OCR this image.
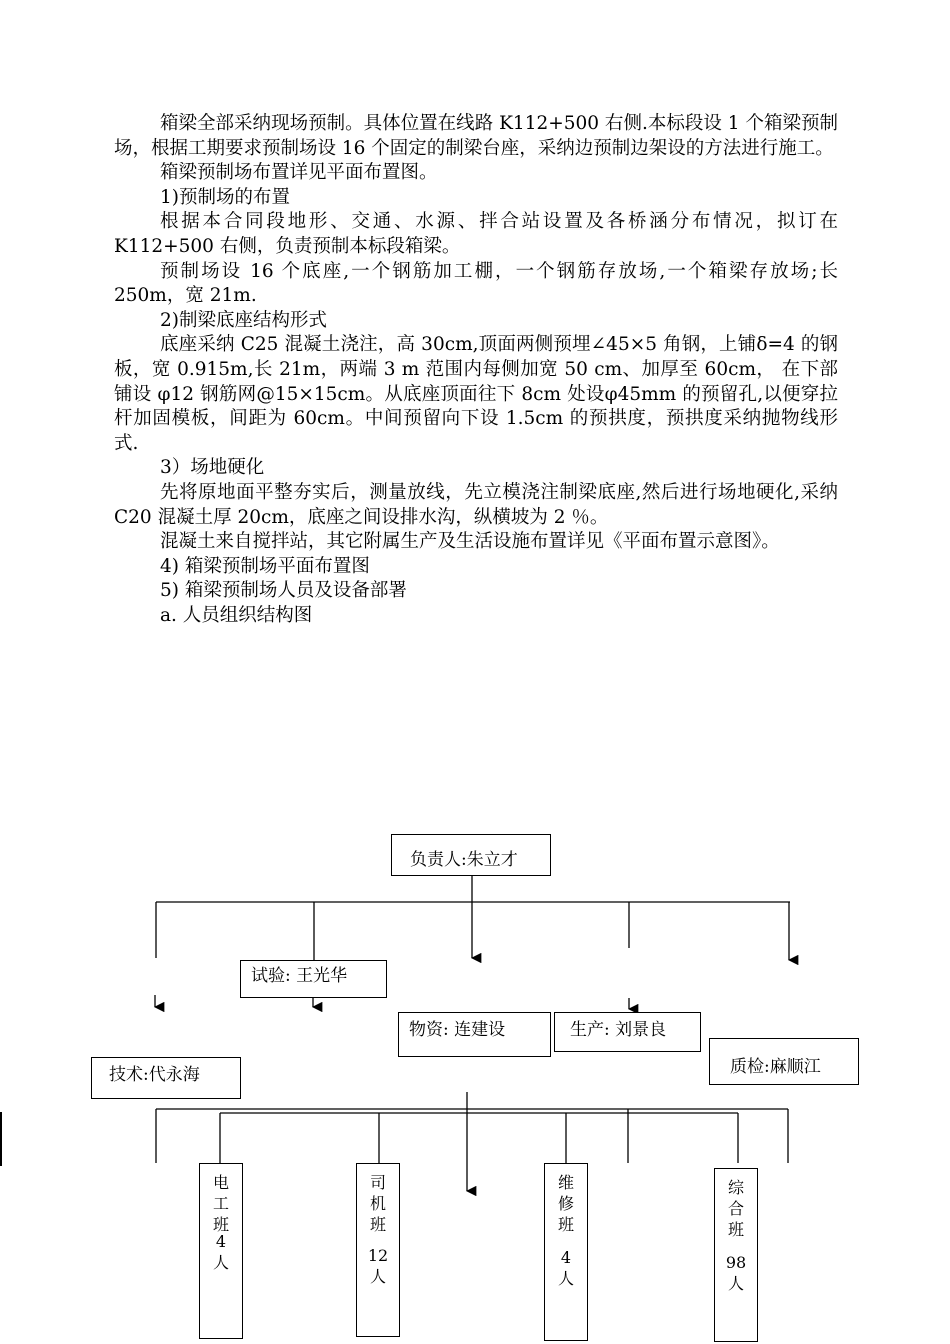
箱梁全部采纳现场预制。具体位置在线路 K112+500 右侧.本标段设 1 个箱梁预制场，根据工期要求预制场设 16 个固定的制梁台座，采纳边预制边架设的方法进行施工。

箱梁预制场布置详见平面布置图。

1)预制场的布置

根据本合同段地形、交通、水源、拌合站设置及各桥涵分布情况，拟订在 K112+500 右侧，负责预制本标段箱梁。

预制场设 16 个底座,一个钢筋加工棚，一个钢筋存放场,一个箱梁存放场;长 250m，宽 21m.

2)制梁底座结构形式

底座采纳 C25 混凝土浇注，高 30cm,顶面两侧预埋∠45×5 角钢，上铺δ=4 的钢板，宽 0.915m,长 21m，两端 3 m 范围内每侧加宽 50 cm、加厚至 60cm， 在下部铺设 φ12 钢筋网@15×15cm。从底座顶面往下 8cm 处设φ45mm 的预留孔,以便穿拉杆加固模板，间距为 60cm。中间预留向下设 1.5cm 的预拱度，预拱度采纳抛物线形式.

3）场地硬化

先将原地面平整夯实后，测量放线，先立模浇注制梁底座,然后进行场地硬化,采纳 C20 混凝土厚 20cm，底座之间设排水沟，纵横坡为 2 ％。

混凝土来自搅拌站，其它附属生产及生活设施布置详见《平面布置示意图》。

4) 箱梁预制场平面布置图

5) 箱梁预制场人员及设备部署

a. 人员组织结构图

负责人:朱立才
试验: 王光华
物资: 连建设	生产: 刘景良
技术:代永海	质检:麻顺江
电
工
班
4
人
司
机
班
12
人
维
修
班
4
人
综
合
班
98
人
